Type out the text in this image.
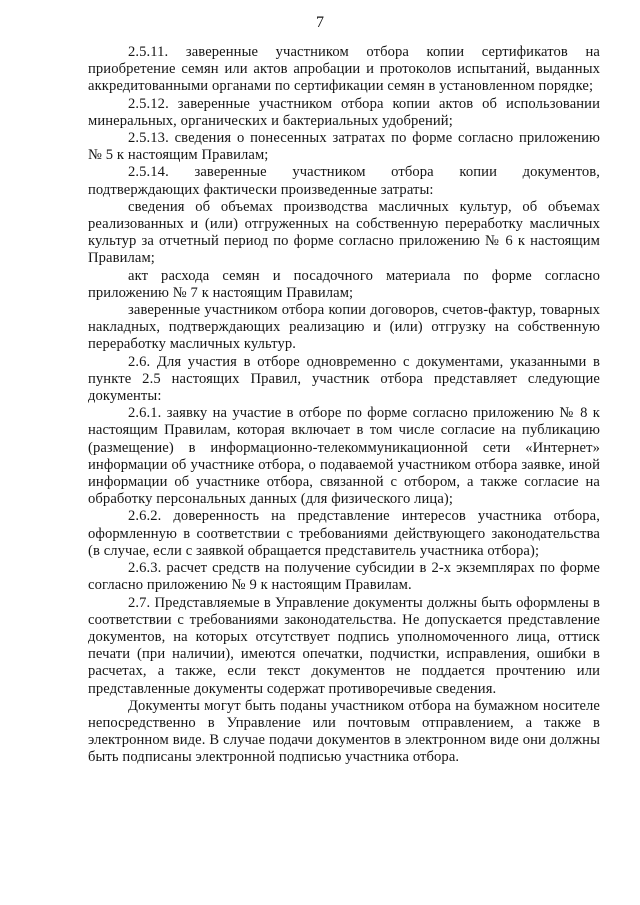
7

2.5.11. заверенные участником отбора копии сертификатов на приобретение семян или актов апробации и протоколов испытаний, выданных аккредитованными органами по сертификации семян в установленном порядке;

2.5.12. заверенные участником отбора копии актов об использовании минеральных, органических и бактериальных удобрений;

2.5.13. сведения о понесенных затратах по форме согласно приложению № 5 к настоящим Правилам;

2.5.14. заверенные участником отбора копии документов, подтверждающих фактически произведенные затраты:

сведения об объемах производства масличных культур, об объемах реализованных и (или) отгруженных на собственную переработку масличных культур за отчетный период по форме согласно приложению № 6 к настоящим Правилам;

акт расхода семян и посадочного материала по форме согласно приложению № 7 к настоящим Правилам;

заверенные участником отбора копии договоров, счетов-фактур, товарных накладных, подтверждающих реализацию и (или) отгрузку на собственную переработку масличных культур.

2.6. Для участия в отборе одновременно с документами, указанными в пункте 2.5 настоящих Правил, участник отбора представляет следующие документы:

2.6.1. заявку на участие в отборе по форме согласно приложению № 8 к настоящим Правилам, которая включает в том числе согласие на публикацию (размещение) в информационно-телекоммуникационной сети «Интернет» информации об участнике отбора, о подаваемой участником отбора заявке, иной информации об участнике отбора, связанной с отбором, а также согласие на обработку персональных данных (для физического лица);

2.6.2. доверенность на представление интересов участника отбора, оформленную в соответствии с требованиями действующего законодательства (в случае, если с заявкой обращается представитель участника отбора);

2.6.3. расчет средств на получение субсидии в 2-х экземплярах по форме согласно приложению № 9 к настоящим Правилам.

2.7. Представляемые в Управление документы должны быть оформлены в соответствии с требованиями законодательства. Не допускается представление документов, на которых отсутствует подпись уполномоченного лица, оттиск печати (при наличии), имеются опечатки, подчистки, исправления, ошибки в расчетах, а также, если текст документов не поддается прочтению или представленные документы содержат противоречивые сведения.

Документы могут быть поданы участником отбора на бумажном носителе непосредственно в Управление или почтовым отправлением, а также в электронном виде. В случае подачи документов в электронном виде они должны быть подписаны электронной подписью участника отбора.
